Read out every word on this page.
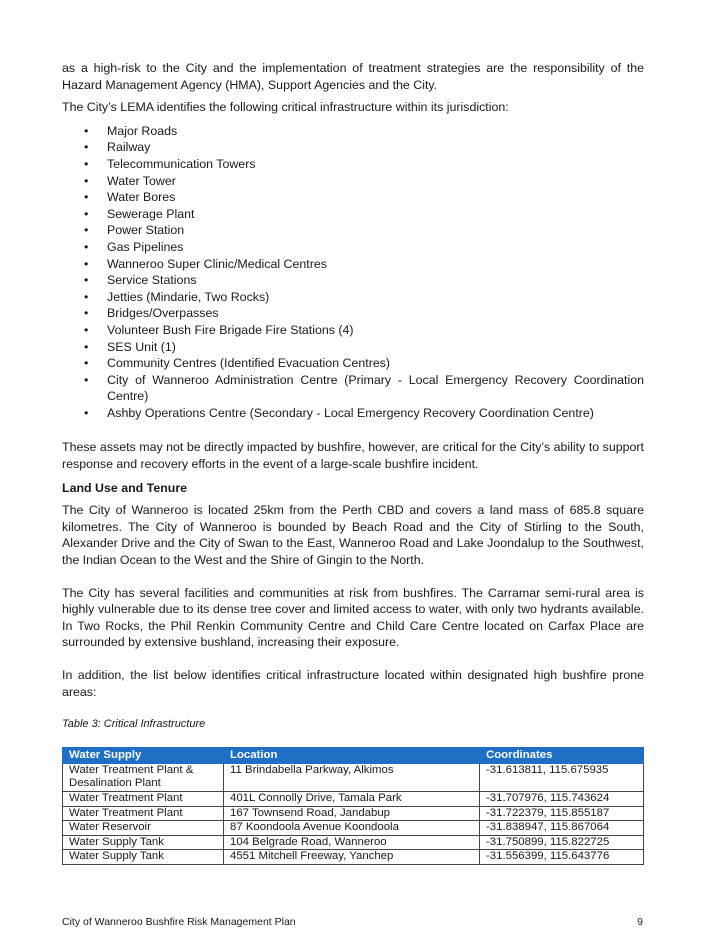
as a high-risk to the City and the implementation of treatment strategies are the responsibility of the Hazard Management Agency (HMA), Support Agencies and the City.

The City’s LEMA identifies the following critical infrastructure within its jurisdiction:

• Major Roads
• Railway
• Telecommunication Towers
• Water Tower
• Water Bores
• Sewerage Plant
• Power Station
• Gas Pipelines
• Wanneroo Super Clinic/Medical Centres
• Service Stations
• Jetties (Mindarie, Two Rocks)
• Bridges/Overpasses
• Volunteer Bush Fire Brigade Fire Stations (4)
• SES Unit (1)
• Community Centres (Identified Evacuation Centres)
• City of Wanneroo Administration Centre (Primary - Local Emergency Recovery Coordination Centre)
• Ashby Operations Centre (Secondary - Local Emergency Recovery Coordination Centre)

These assets may not be directly impacted by bushfire, however, are critical for the City’s ability to support response and recovery efforts in the event of a large-scale bushfire incident.

Land Use and Tenure

The City of Wanneroo is located 25km from the Perth CBD and covers a land mass of 685.8 square kilometres. The City of Wanneroo is bounded by Beach Road and the City of Stirling to the South, Alexander Drive and the City of Swan to the East, Wanneroo Road and Lake Joondalup to the Southwest, the Indian Ocean to the West and the Shire of Gingin to the North.

The City has several facilities and communities at risk from bushfires. The Carramar semi-rural area is highly vulnerable due to its dense tree cover and limited access to water, with only two hydrants available. In Two Rocks, the Phil Renkin Community Centre and Child Care Centre located on Carfax Place are surrounded by extensive bushland, increasing their exposure.

In addition, the list below identifies critical infrastructure located within designated high bushfire prone areas:

Table 3: Critical Infrastructure
Water Supply	Location	Coordinates
Water Treatment Plant & Desalination Plant	11 Brindabella Parkway, Alkimos	-31.613811, 115.675935
Water Treatment Plant	401L Connolly Drive, Tamala Park	-31.707976, 115.743624
Water Treatment Plant	167 Townsend Road, Jandabup	-31.722379, 115.855187
Water Reservoir	87 Koondoola Avenue Koondoola	-31.838947, 115.867064
Water Supply Tank	104 Belgrade Road, Wanneroo	-31.750899, 115.822725
Water Supply Tank	4551 Mitchell Freeway, Yanchep	-31.556399, 115.643776
City of Wanneroo Bushfire Risk Management Plan	9
